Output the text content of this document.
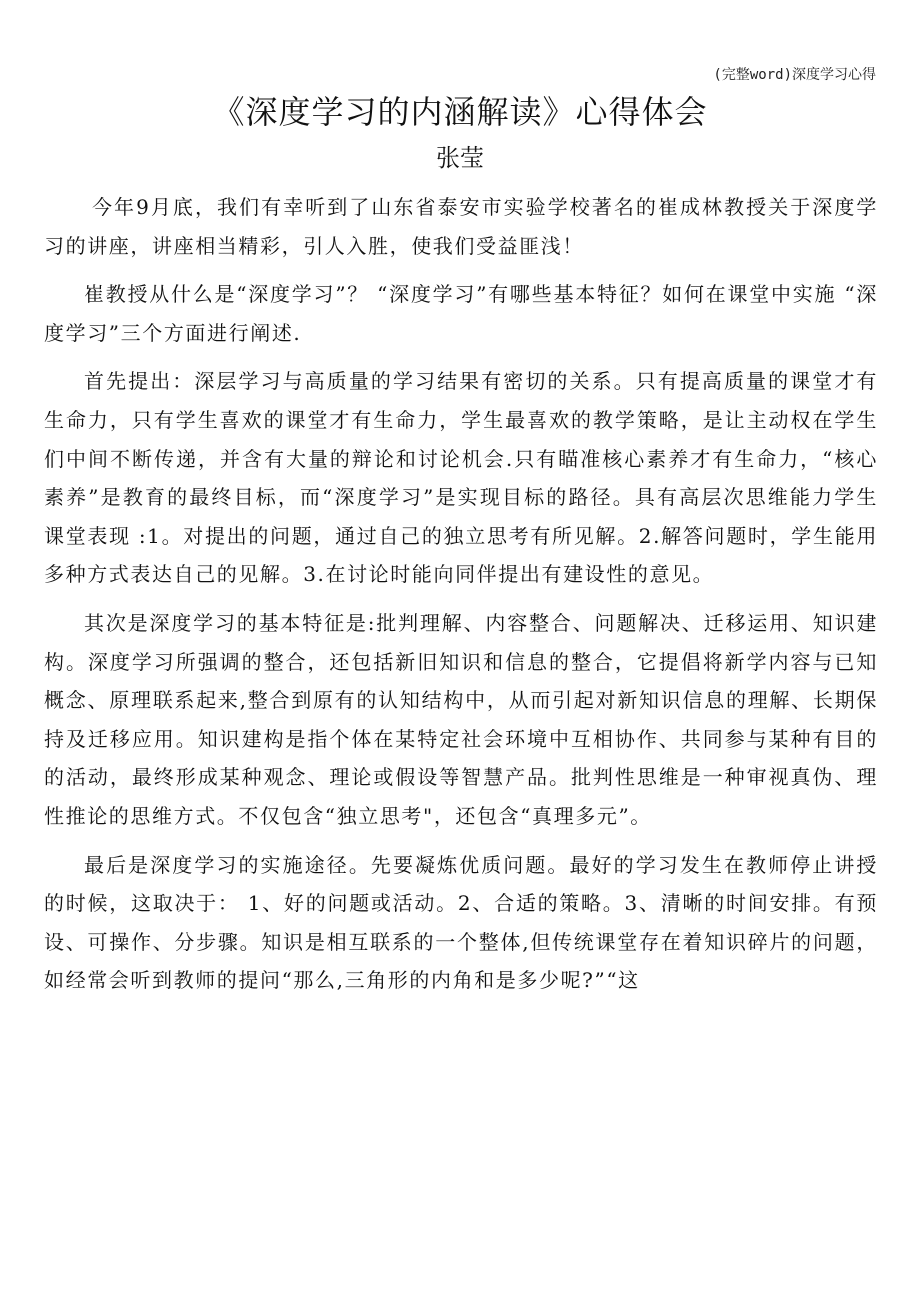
(完整word)深度学习心得
《深度学习的内涵解读》心得体会
张莹

今年9月底，我们有幸听到了山东省泰安市实验学校著名的崔成林教授关于深度学习的讲座，讲座相当精彩，引人入胜，使我们受益匪浅！

崔教授从什么是“深度学习”？ “深度学习”有哪些基本特征？如何在课堂中实施 “深度学习”三个方面进行阐述.

首先提出：深层学习与高质量的学习结果有密切的关系。只有提高质量的课堂才有生命力，只有学生喜欢的课堂才有生命力，学生最喜欢的教学策略，是让主动权在学生们中间不断传递，并含有大量的辩论和讨论机会.只有瞄准核心素养才有生命力，“核心素养”是教育的最终目标，而“深度学习”是实现目标的路径。具有高层次思维能力学生课堂表现 :1。对提出的问题，通过自己的独立思考有所见解。2.解答问题时，学生能用多种方式表达自己的见解。3.在讨论时能向同伴提出有建设性的意见。

其次是深度学习的基本特征是:批判理解、内容整合、问题解决、迁移运用、知识建构。深度学习所强调的整合，还包括新旧知识和信息的整合，它提倡将新学内容与已知概念、原理联系起来,整合到原有的认知结构中，从而引起对新知识信息的理解、长期保持及迁移应用。知识建构是指个体在某特定社会环境中互相协作、共同参与某种有目的的活动，最终形成某种观念、理论或假设等智慧产品。批判性思维是一种审视真伪、理性推论的思维方式。不仅包含“独立思考"，还包含“真理多元”。

最后是深度学习的实施途径。先要凝炼优质问题。最好的学习发生在教师停止讲授的时候，这取决于： 1、好的问题或活动。2、合适的策略。3、清晰的时间安排。有预设、可操作、分步骤。知识是相互联系的一个整体,但传统课堂存在着知识碎片的问题，如经常会听到教师的提问“那么,三角形的内角和是多少呢?”“这
